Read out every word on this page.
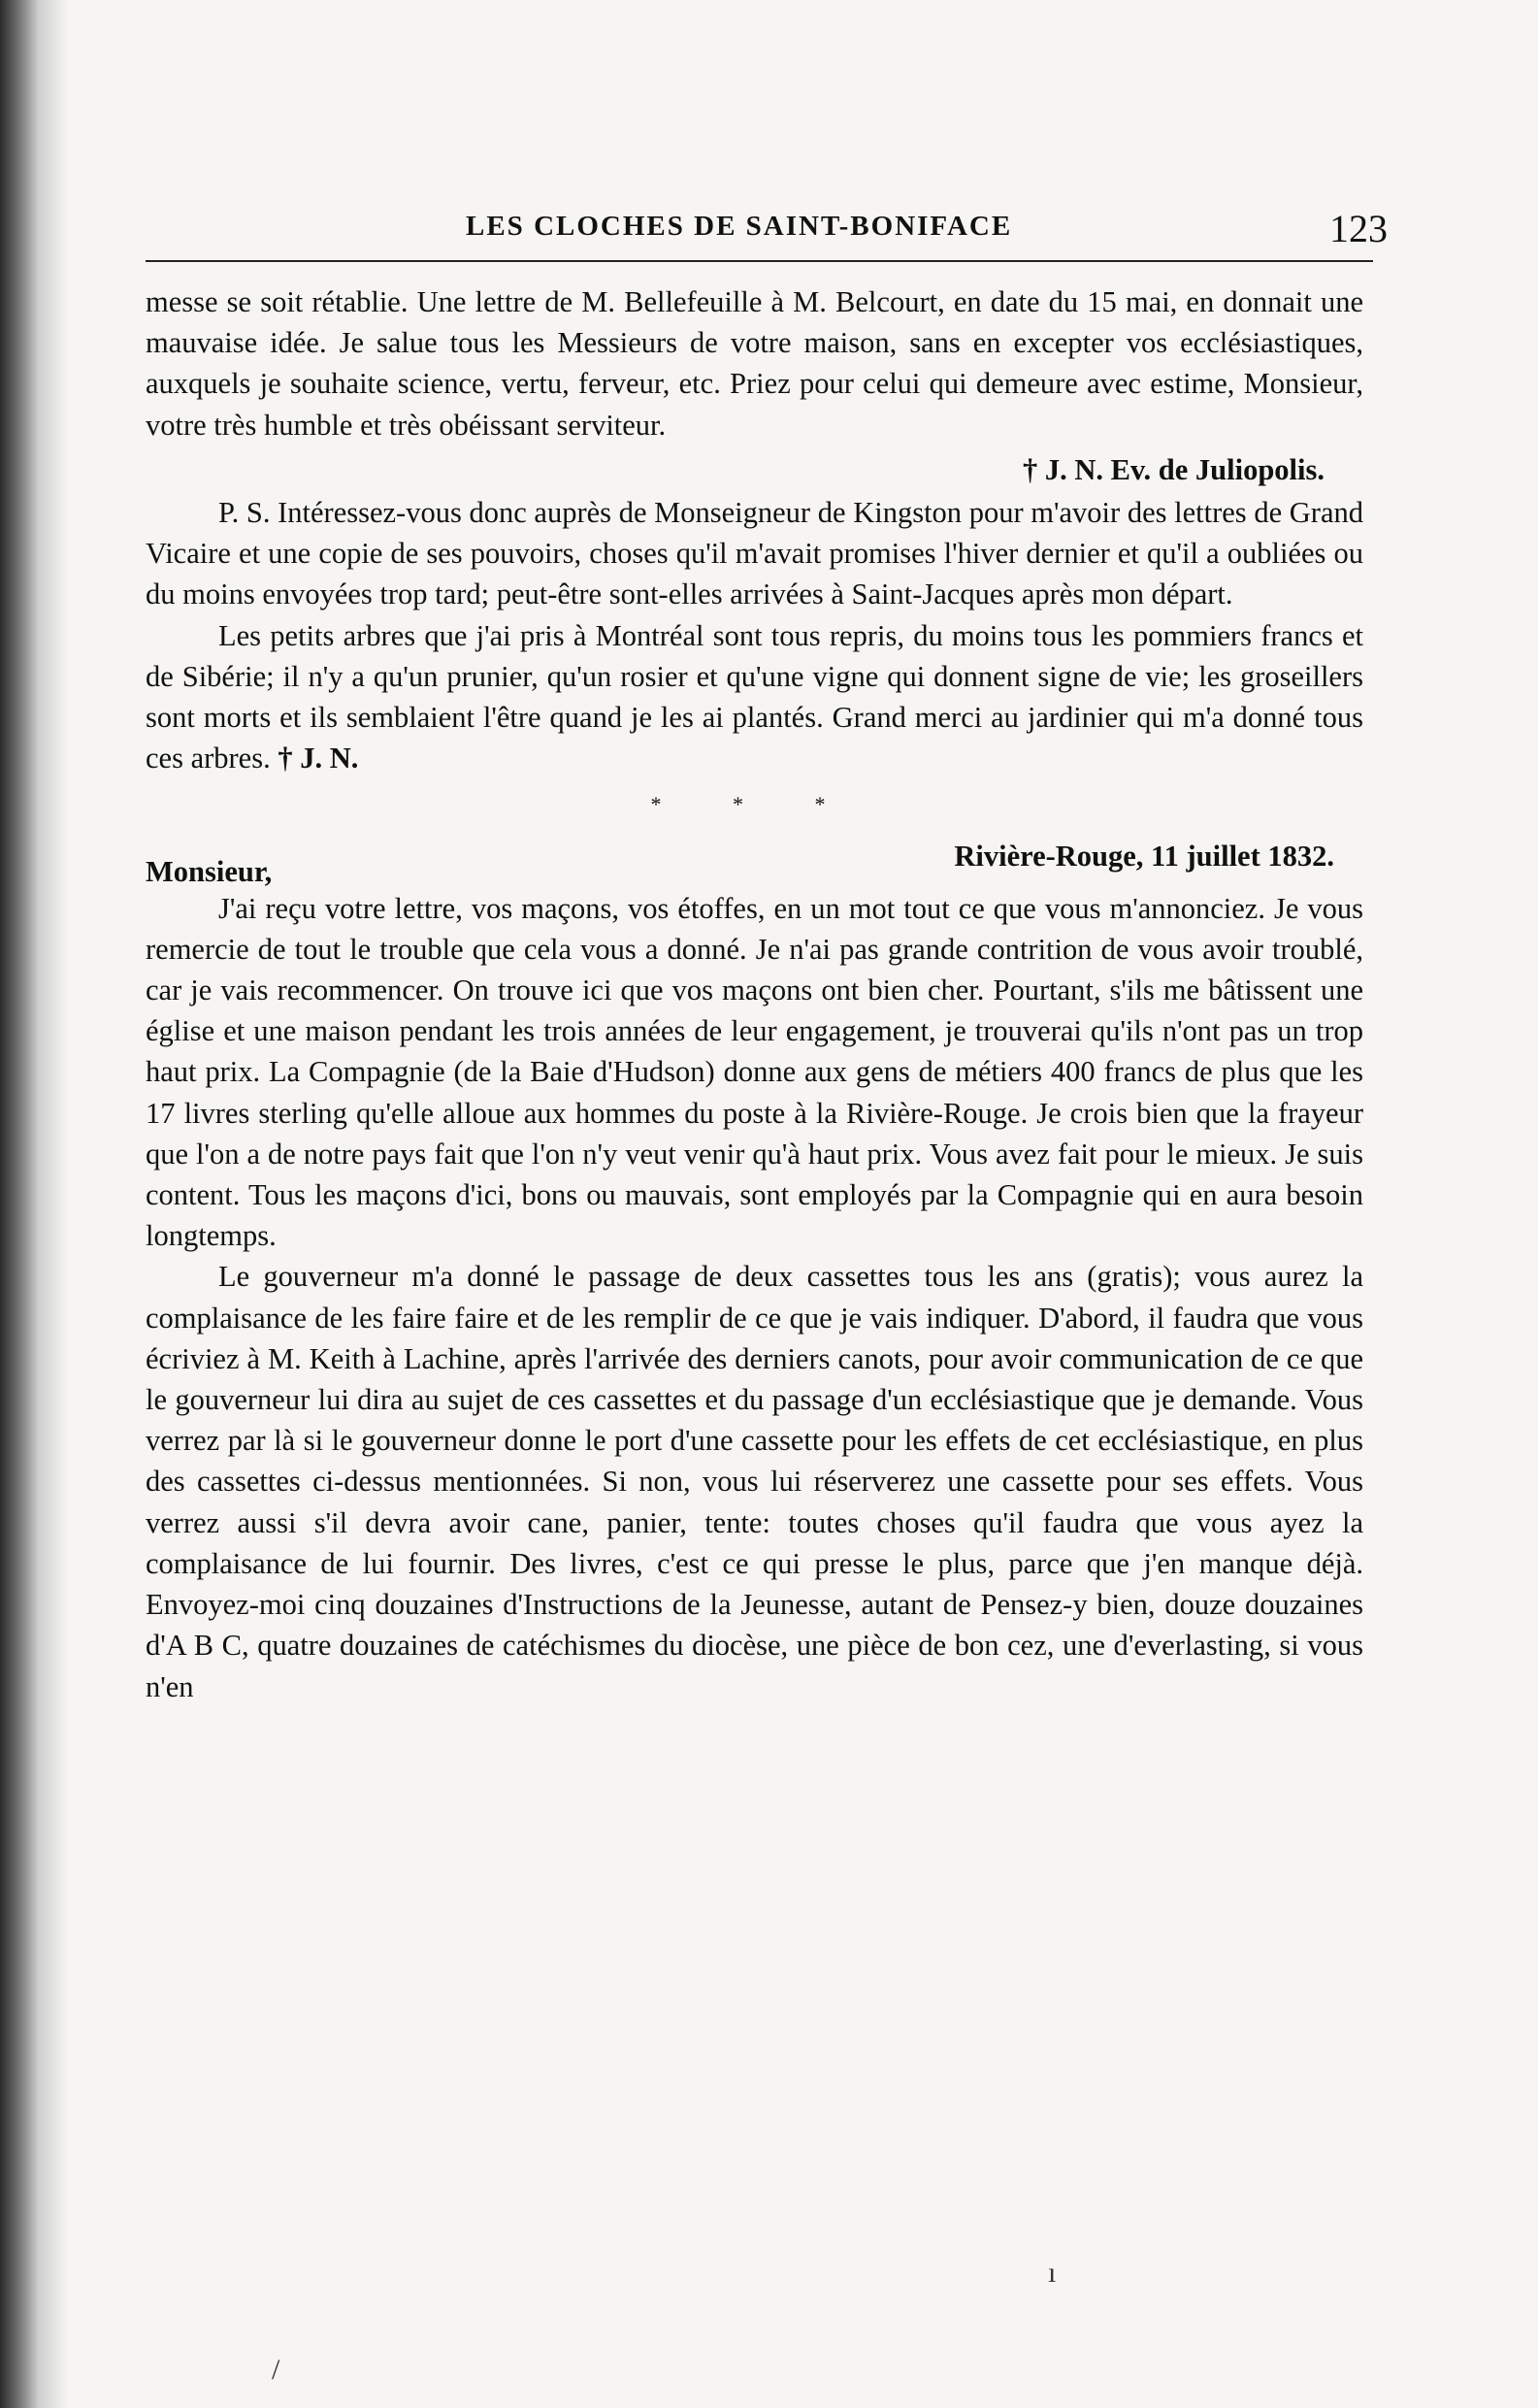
LES CLOCHES DE SAINT-BONIFACE	123

messe se soit rétablie. Une lettre de M. Bellefeuille à M. Belcourt, en date du 15 mai, en donnait une mauvaise idée. Je salue tous les Messieurs de votre maison, sans en excepter vos ecclésiastiques, auxquels je souhaite science, vertu, ferveur, etc. Priez pour celui qui demeure avec estime, Monsieur, votre très humble et très obéissant serviteur.

† J. N. Ev. de Juliopolis.

P. S. Intéressez-vous donc auprès de Monseigneur de Kingston pour m'avoir des lettres de Grand Vicaire et une copie de ses pouvoirs, choses qu'il m'avait promises l'hiver dernier et qu'il a oubliées ou du moins envoyées trop tard; peut-être sont-elles arrivées à Saint-Jacques après mon départ.

Les petits arbres que j'ai pris à Montréal sont tous repris, du moins tous les pommiers francs et de Sibérie; il n'y a qu'un prunier, qu'un rosier et qu'une vigne qui donnent signe de vie; les groseillers sont morts et ils semblaient l'être quand je les ai plantés. Grand merci au jardinier qui m'a donné tous ces arbres. † J. N.

* * *

Monsieur,	Rivière-Rouge, 11 juillet 1832.

J'ai reçu votre lettre, vos maçons, vos étoffes, en un mot tout ce que vous m'annonciez. Je vous remercie de tout le trouble que cela vous a donné. Je n'ai pas grande contrition de vous avoir troublé, car je vais recommencer. On trouve ici que vos maçons ont bien cher. Pourtant, s'ils me bâtissent une église et une maison pendant les trois années de leur engagement, je trouverai qu'ils n'ont pas un trop haut prix. La Compagnie (de la Baie d'Hudson) donne aux gens de métiers 400 francs de plus que les 17 livres sterling qu'elle alloue aux hommes du poste à la Rivière-Rouge. Je crois bien que la frayeur que l'on a de notre pays fait que l'on n'y veut venir qu'à haut prix. Vous avez fait pour le mieux. Je suis content. Tous les maçons d'ici, bons ou mauvais, sont employés par la Compagnie qui en aura besoin longtemps.

Le gouverneur m'a donné le passage de deux cassettes tous les ans (gratis); vous aurez la complaisance de les faire faire et de les remplir de ce que je vais indiquer. D'abord, il faudra que vous écriviez à M. Keith à Lachine, après l'arrivée des derniers canots, pour avoir communication de ce que le gouverneur lui dira au sujet de ces cassettes et du passage d'un ecclésiastique que je demande. Vous verrez par là si le gouverneur donne le port d'une cassette pour les effets de cet ecclésiastique, en plus des cassettes ci-dessus mentionnées. Si non, vous lui réserverez une cassette pour ses effets. Vous verrez aussi s'il devra avoir cane, panier, tente: toutes choses qu'il faudra que vous ayez la complaisance de lui fournir. Des livres, c'est ce qui presse le plus, parce que j'en manque déjà. Envoyez-moi cinq douzaines d'Instructions de la Jeunesse, autant de Pensez-y bien, douze douzaines d'A B C, quatre douzaines de catéchismes du diocèse, une pièce de bon cez, une d'everlasting, si vous n'en

ı
/
